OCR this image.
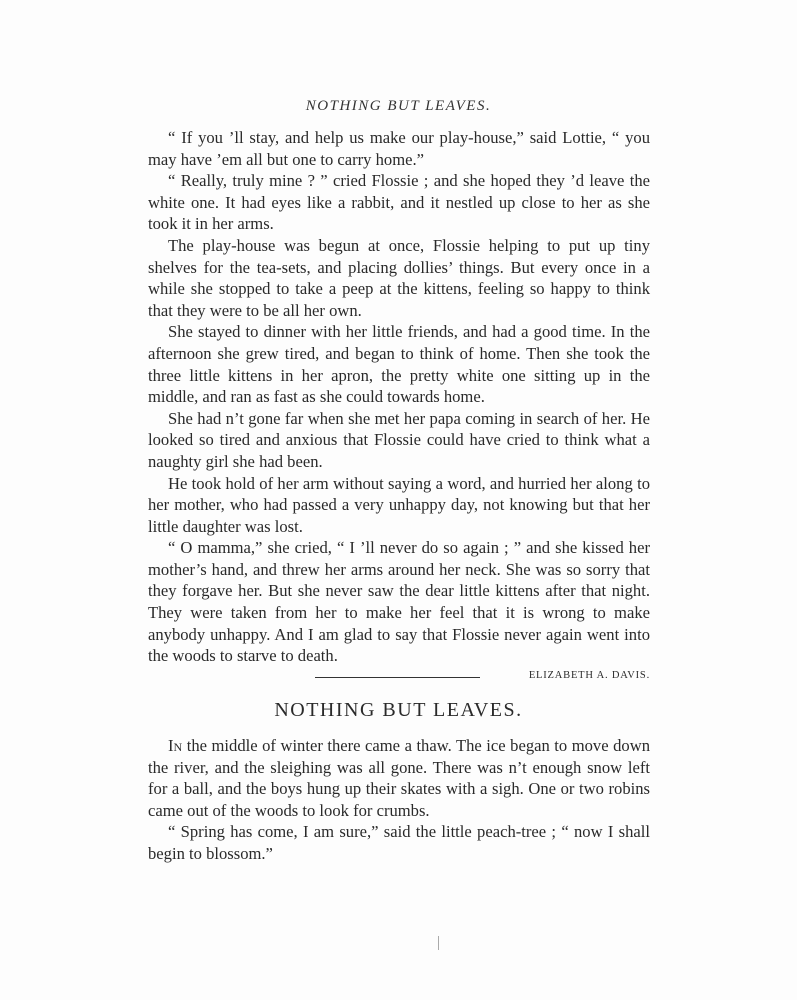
NOTHING BUT LEAVES.

“ If you ’ll stay, and help us make our play-house,” said Lottie, “ you may have ’em all but one to carry home.”

“ Really, truly mine ? ” cried Flossie ; and she hoped they ’d leave the white one. It had eyes like a rabbit, and it nestled up close to her as she took it in her arms.

The play-house was begun at once, Flossie helping to put up tiny shelves for the tea-sets, and placing dollies’ things. But every once in a while she stopped to take a peep at the kittens, feeling so happy to think that they were to be all her own.

She stayed to dinner with her little friends, and had a good time. In the afternoon she grew tired, and began to think of home. Then she took the three little kittens in her apron, the pretty white one sitting up in the middle, and ran as fast as she could towards home.

She had n’t gone far when she met her papa coming in search of her. He looked so tired and anxious that Flossie could have cried to think what a naughty girl she had been.

He took hold of her arm without saying a word, and hurried her along to her mother, who had passed a very unhappy day, not knowing but that her little daughter was lost.

“ O mamma,” she cried, “ I ’ll never do so again ; ” and she kissed her mother’s hand, and threw her arms around her neck. She was so sorry that they forgave her. But she never saw the dear little kittens after that night. They were taken from her to make her feel that it is wrong to make anybody unhappy. And I am glad to say that Flossie never again went into the woods to starve to death.

ELIZABETH A. DAVIS.
NOTHING BUT LEAVES.

In the middle of winter there came a thaw. The ice began to move down the river, and the sleighing was all gone. There was n’t enough snow left for a ball, and the boys hung up their skates with a sigh. One or two robins came out of the woods to look for crumbs.

“ Spring has come, I am sure,” said the little peach-tree ; “ now I shall begin to blossom.”
